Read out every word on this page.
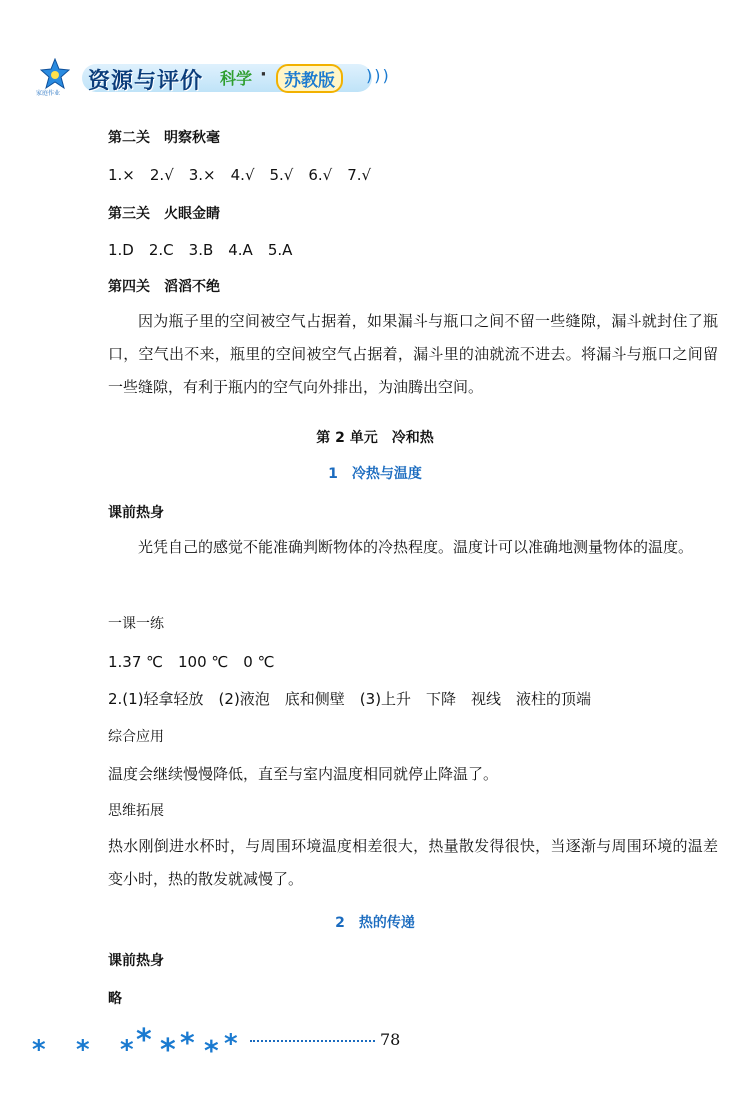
家庭作业 资源与评价 科学 ·	苏教版	)))
第二关　明察秋毫
1.×　2.√　3.×　4.√　5.√　6.√　7.√
第三关　火眼金睛
1.D　2.C　3.B　4.A　5.A
第四关　滔滔不绝
因为瓶子里的空间被空气占据着，如果漏斗与瓶口之间不留一些缝隙，漏斗就封住了瓶口，空气出不来，瓶里的空间被空气占据着，漏斗里的油就流不进去。将漏斗与瓶口之间留一些缝隙，有利于瓶内的空气向外排出，为油腾出空间。
第 2 单元　冷和热
1　冷热与温度
课前热身
光凭自己的感觉不能准确判断物体的冷热程度。温度计可以准确地测量物体的温度。
一课一练
1.37 ℃　100 ℃　0 ℃
2.(1)轻拿轻放　(2)液泡　底和侧壁　(3)上升　下降　视线　液柱的顶端
综合应用
温度会继续慢慢降低，直至与室内温度相同就停止降温了。
思维拓展
热水刚倒进水杯时，与周围环境温度相差很大，热量散发得很快，当逐渐与周围环境的温差变小时，热的散发就减慢了。
2　热的传递
课前热身
略
* * * * * * * *	78
